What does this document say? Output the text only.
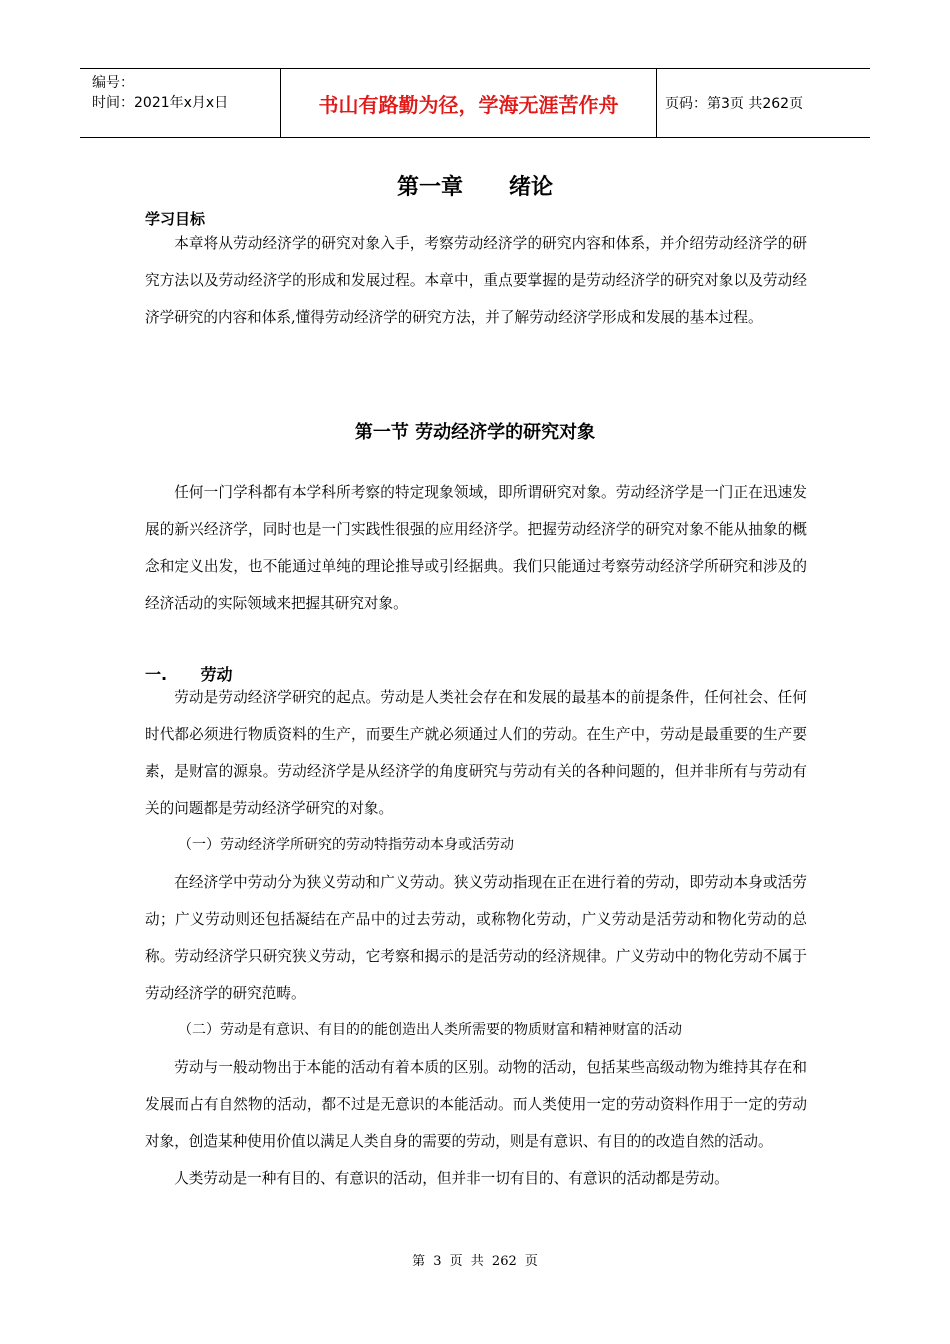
编号：
时间：2021年x月x日	书山有路勤为径，学海无涯苦作舟	页码：第3页 共262页
第一章      绪论
学习目标

本章将从劳动经济学的研究对象入手，考察劳动经济学的研究内容和体系，并介绍劳动经济学的研究方法以及劳动经济学的形成和发展过程。本章中，重点要掌握的是劳动经济学的研究对象以及劳动经济学研究的内容和体系,懂得劳动经济学的研究方法，并了解劳动经济学形成和发展的基本过程。

第一节 劳动经济学的研究对象

任何一门学科都有本学科所考察的特定现象领域，即所谓研究对象。劳动经济学是一门正在迅速发展的新兴经济学，同时也是一门实践性很强的应用经济学。把握劳动经济学的研究对象不能从抽象的概念和定义出发，也不能通过单纯的理论推导或引经据典。我们只能通过考察劳动经济学所研究和涉及的经济活动的实际领域来把握其研究对象。

一.      劳动

劳动是劳动经济学研究的起点。劳动是人类社会存在和发展的最基本的前提条件，任何社会、任何时代都必须进行物质资料的生产，而要生产就必须通过人们的劳动。在生产中，劳动是最重要的生产要素，是财富的源泉。劳动经济学是从经济学的角度研究与劳动有关的各种问题的，但并非所有与劳动有关的问题都是劳动经济学研究的对象。

（一）劳动经济学所研究的劳动特指劳动本身或活劳动

在经济学中劳动分为狭义劳动和广义劳动。狭义劳动指现在正在进行着的劳动，即劳动本身或活劳动；广义劳动则还包括凝结在产品中的过去劳动，或称物化劳动，广义劳动是活劳动和物化劳动的总称。劳动经济学只研究狭义劳动，它考察和揭示的是活劳动的经济规律。广义劳动中的物化劳动不属于劳动经济学的研究范畴。

（二）劳动是有意识、有目的的能创造出人类所需要的物质财富和精神财富的活动

劳动与一般动物出于本能的活动有着本质的区别。动物的活动，包括某些高级动物为维持其存在和发展而占有自然物的活动，都不过是无意识的本能活动。而人类使用一定的劳动资料作用于一定的劳动对象，创造某种使用价值以满足人类自身的需要的劳动，则是有意识、有目的的改造自然的活动。

人类劳动是一种有目的、有意识的活动，但并非一切有目的、有意识的活动都是劳动。

第 3 页 共 262 页
